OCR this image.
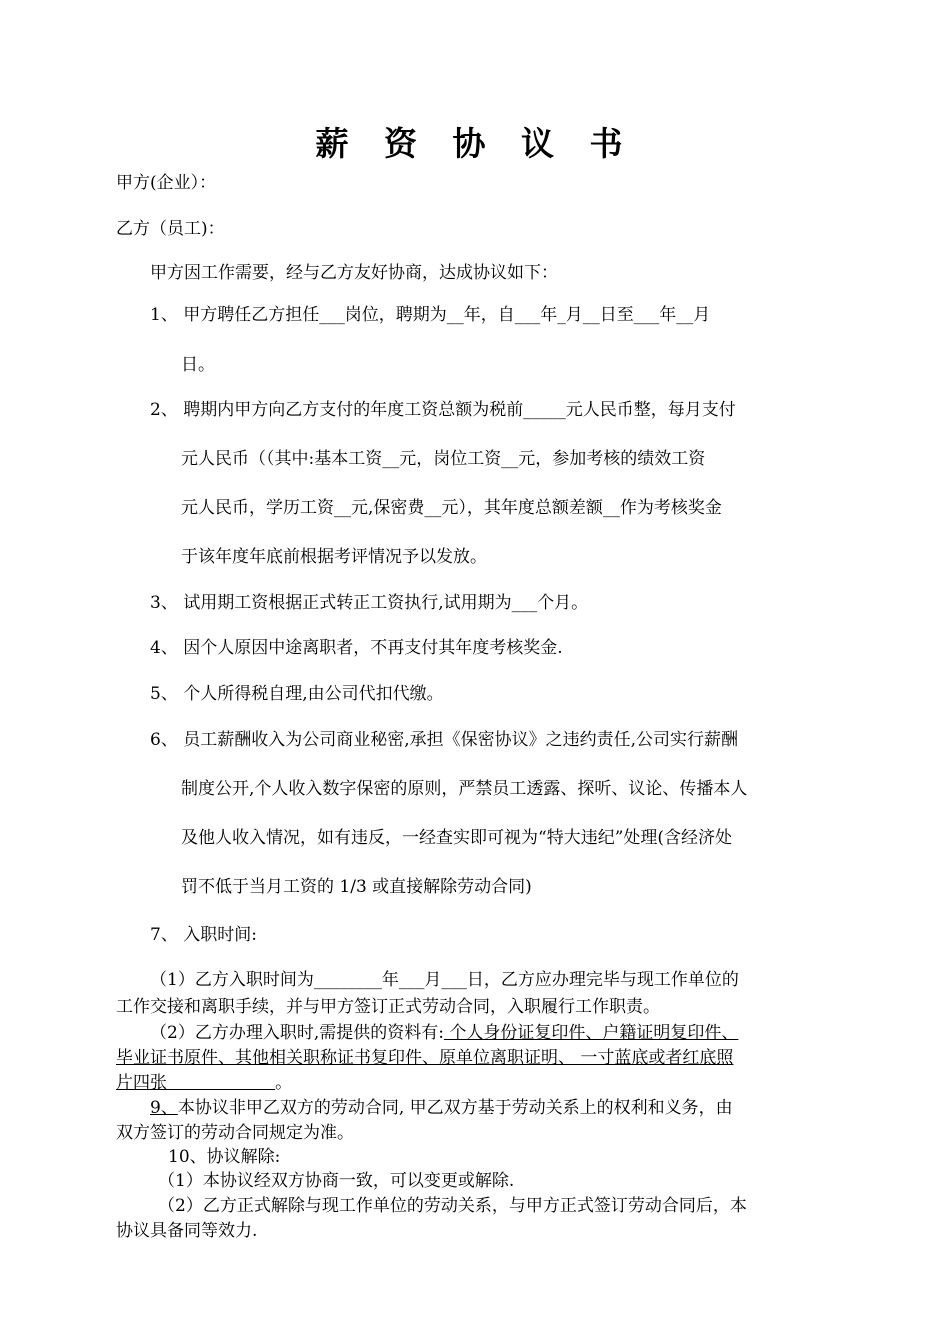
薪 资 协 议 书
甲方(企业）：
乙方（员工)：
甲方因工作需要，经与乙方友好协商，达成协议如下：
1、 甲方聘任乙方担任___岗位，聘期为__年，自___年_月__日至___年__月
日。
2、 聘期内甲方向乙方支付的年度工资总额为税前_____元人民币整，每月支付
元人民币（（其中:基本工资__元，岗位工资__元，参加考核的绩效工资
元人民币，学历工资__元,保密费__元），其年度总额差额__作为考核奖金
于该年度年底前根据考评情况予以发放。
3、 试用期工资根据正式转正工资执行,试用期为___个月。
4、 因个人原因中途离职者，不再支付其年度考核奖金.
5、 个人所得税自理,由公司代扣代缴。
6、 员工薪酬收入为公司商业秘密,承担《保密协议》之违约责任,公司实行薪酬
制度公开,个人收入数字保密的原则，严禁员工透露、探听、议论、传播本人
及他人收入情况，如有违反，一经查实即可视为“特大违纪”处理(含经济处
罚不低于当月工资的 1/3 或直接解除劳动合同)
7、 入职时间:
（1）乙方入职时间为________年___月___日，乙方应办理完毕与现工作单位的
工作交接和离职手续，并与甲方签订正式劳动合同，入职履行工作职责。
（2）乙方办理入职时,需提供的资料有: 个人身份证复印件、户籍证明复印件、
毕业证书原件、其他相关职称证书复印件、原单位离职证明、 一寸蓝底或者红底照
片四张                    。
9、本协议非甲乙双方的劳动合同, 甲乙双方基于劳动关系上的权利和义务，由
双方签订的劳动合同规定为准。
10、协议解除:
（1）本协议经双方协商一致，可以变更或解除.
（2）乙方正式解除与现工作单位的劳动关系，与甲方正式签订劳动合同后，本
协议具备同等效力.
